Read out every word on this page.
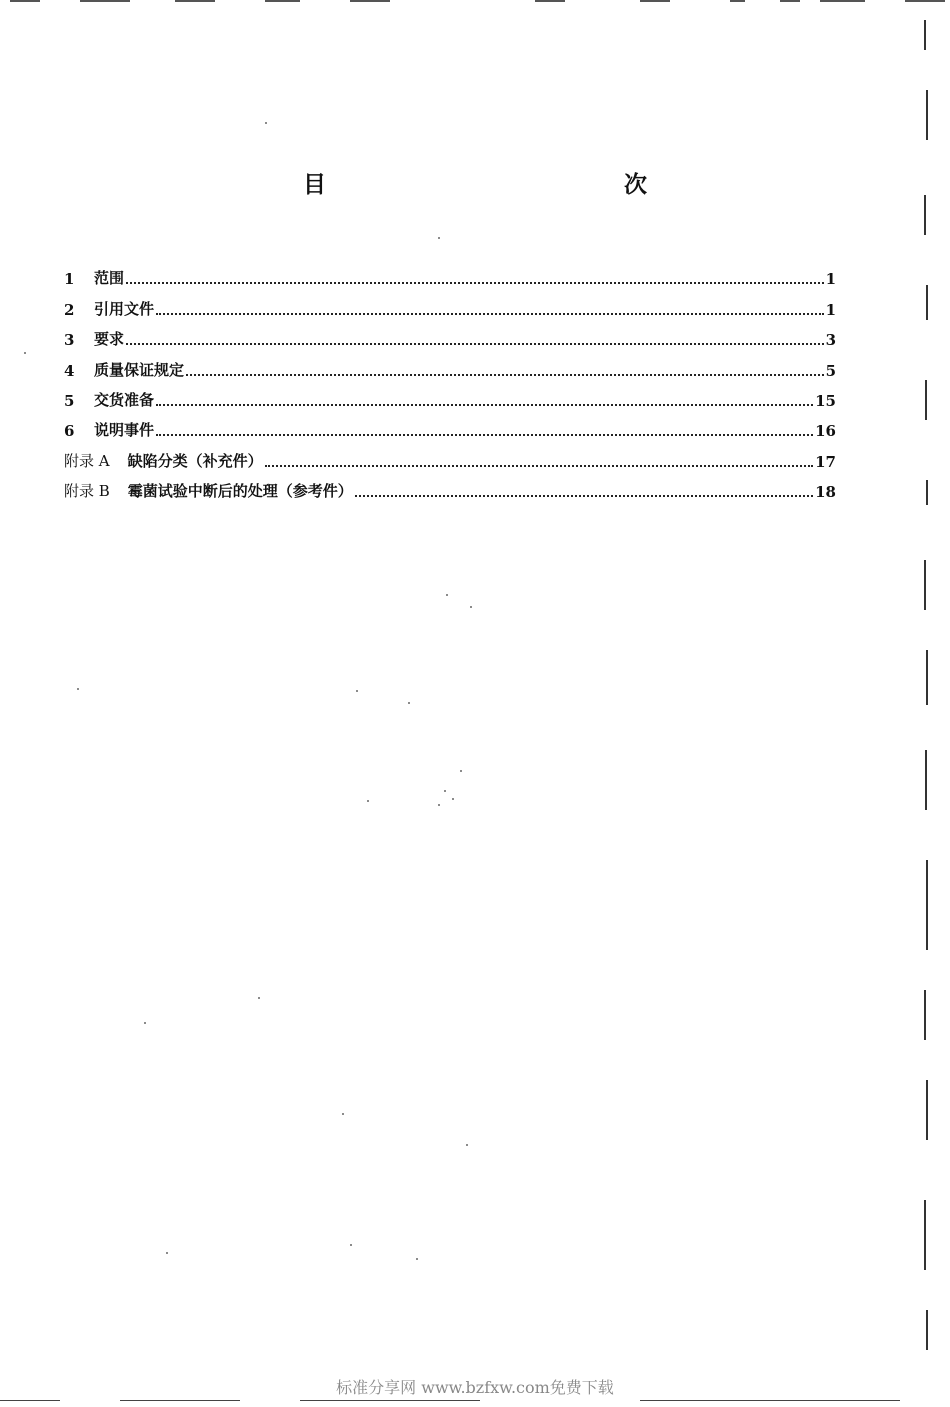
目　　次
1	范围	1
2	引用文件	1
3	要求	3
4	质量保证规定	5
5	交货准备	15
6	说明事件	16
附录 A	缺陷分类（补充件）	17
附录 B	霉菌试验中断后的处理（参考件）	18
标准分享网 www.bzfxw.com免费下载
